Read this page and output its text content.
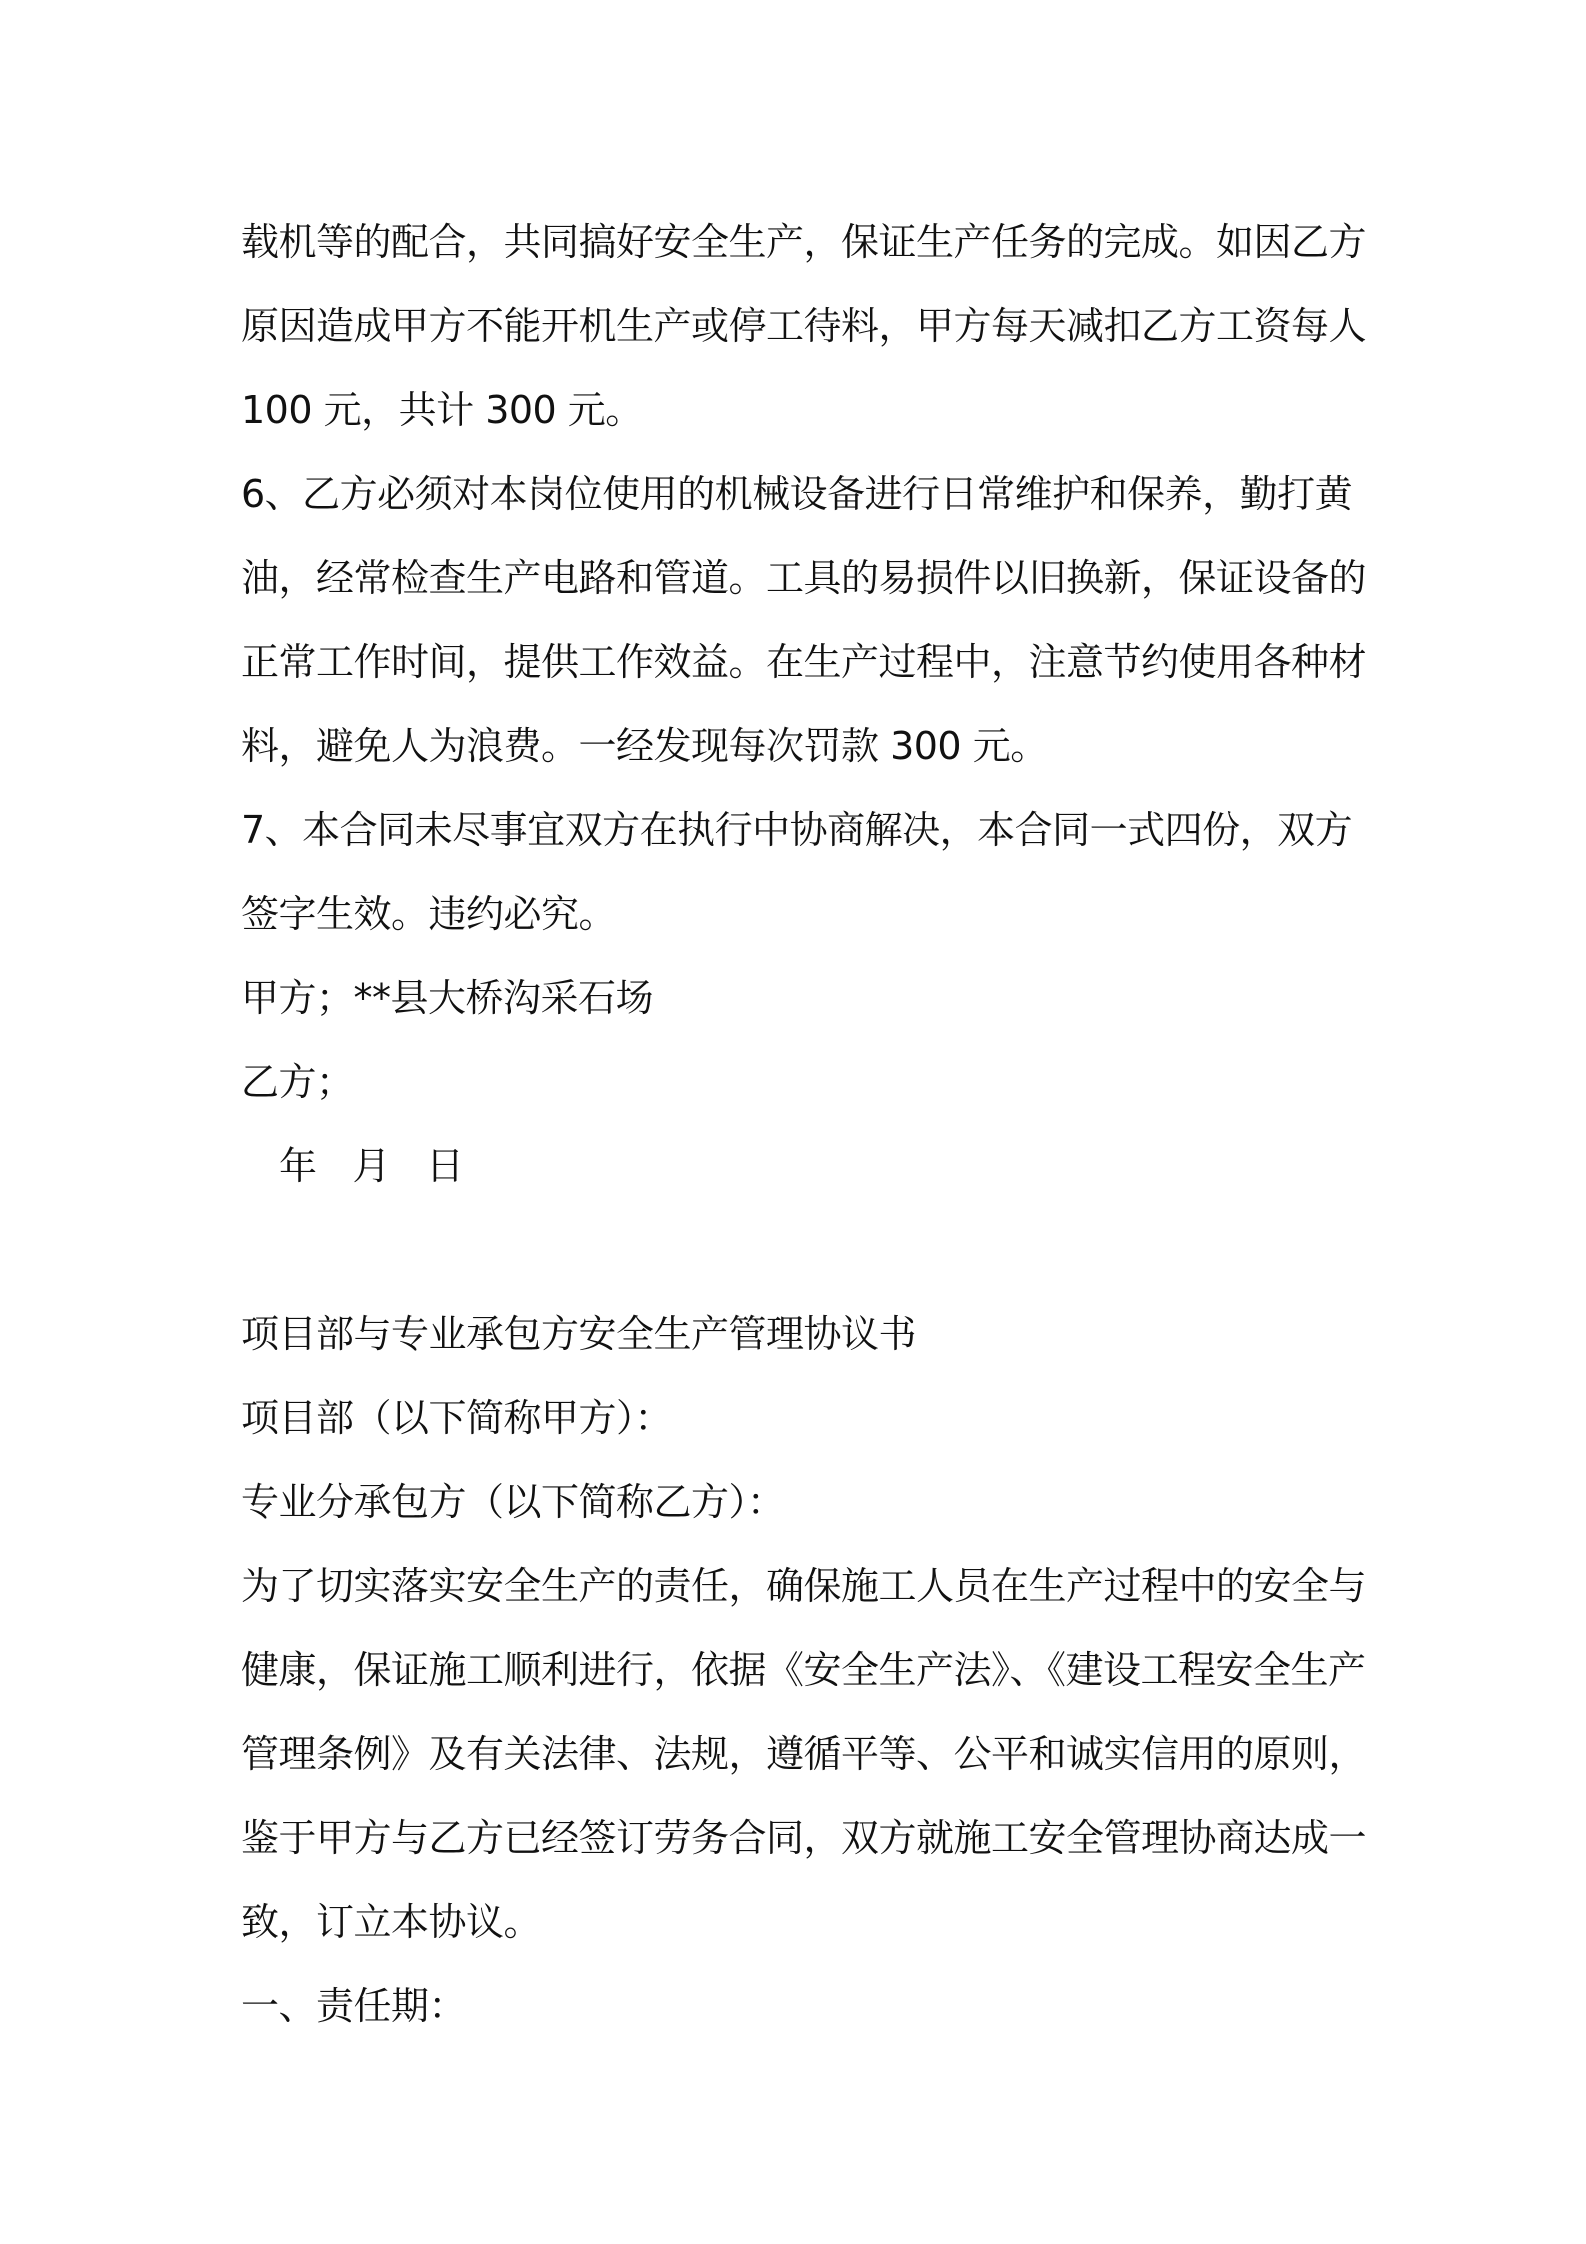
载机等的配合，共同搞好安全生产，保证生产任务的完成。如因乙方
原因造成甲方不能开机生产或停工待料，甲方每天减扣乙方工资每人
100 元，共计 300 元。
6、乙方必须对本岗位使用的机械设备进行日常维护和保养，勤打黄
油，经常检查生产电路和管道。工具的易损件以旧换新，保证设备的
正常工作时间，提供工作效益。在生产过程中，注意节约使用各种材
料，避免人为浪费。一经发现每次罚款 300 元。
7、本合同未尽事宜双方在执行中协商解决，本合同一式四份，双方
签字生效。违约必究。
甲方；**县大桥沟采石场
乙方；
年 月 日
项目部与专业承包方安全生产管理协议书
项目部（以下简称甲方）：
专业分承包方（以下简称乙方）：
为了切实落实安全生产的责任，确保施工人员在生产过程中的安全与
健康，保证施工顺利进行，依据《安全生产法》、《建设工程安全生产
管理条例》及有关法律、法规，遵循平等、公平和诚实信用的原则，
鉴于甲方与乙方已经签订劳务合同，双方就施工安全管理协商达成一
致，订立本协议。
一、责任期：
